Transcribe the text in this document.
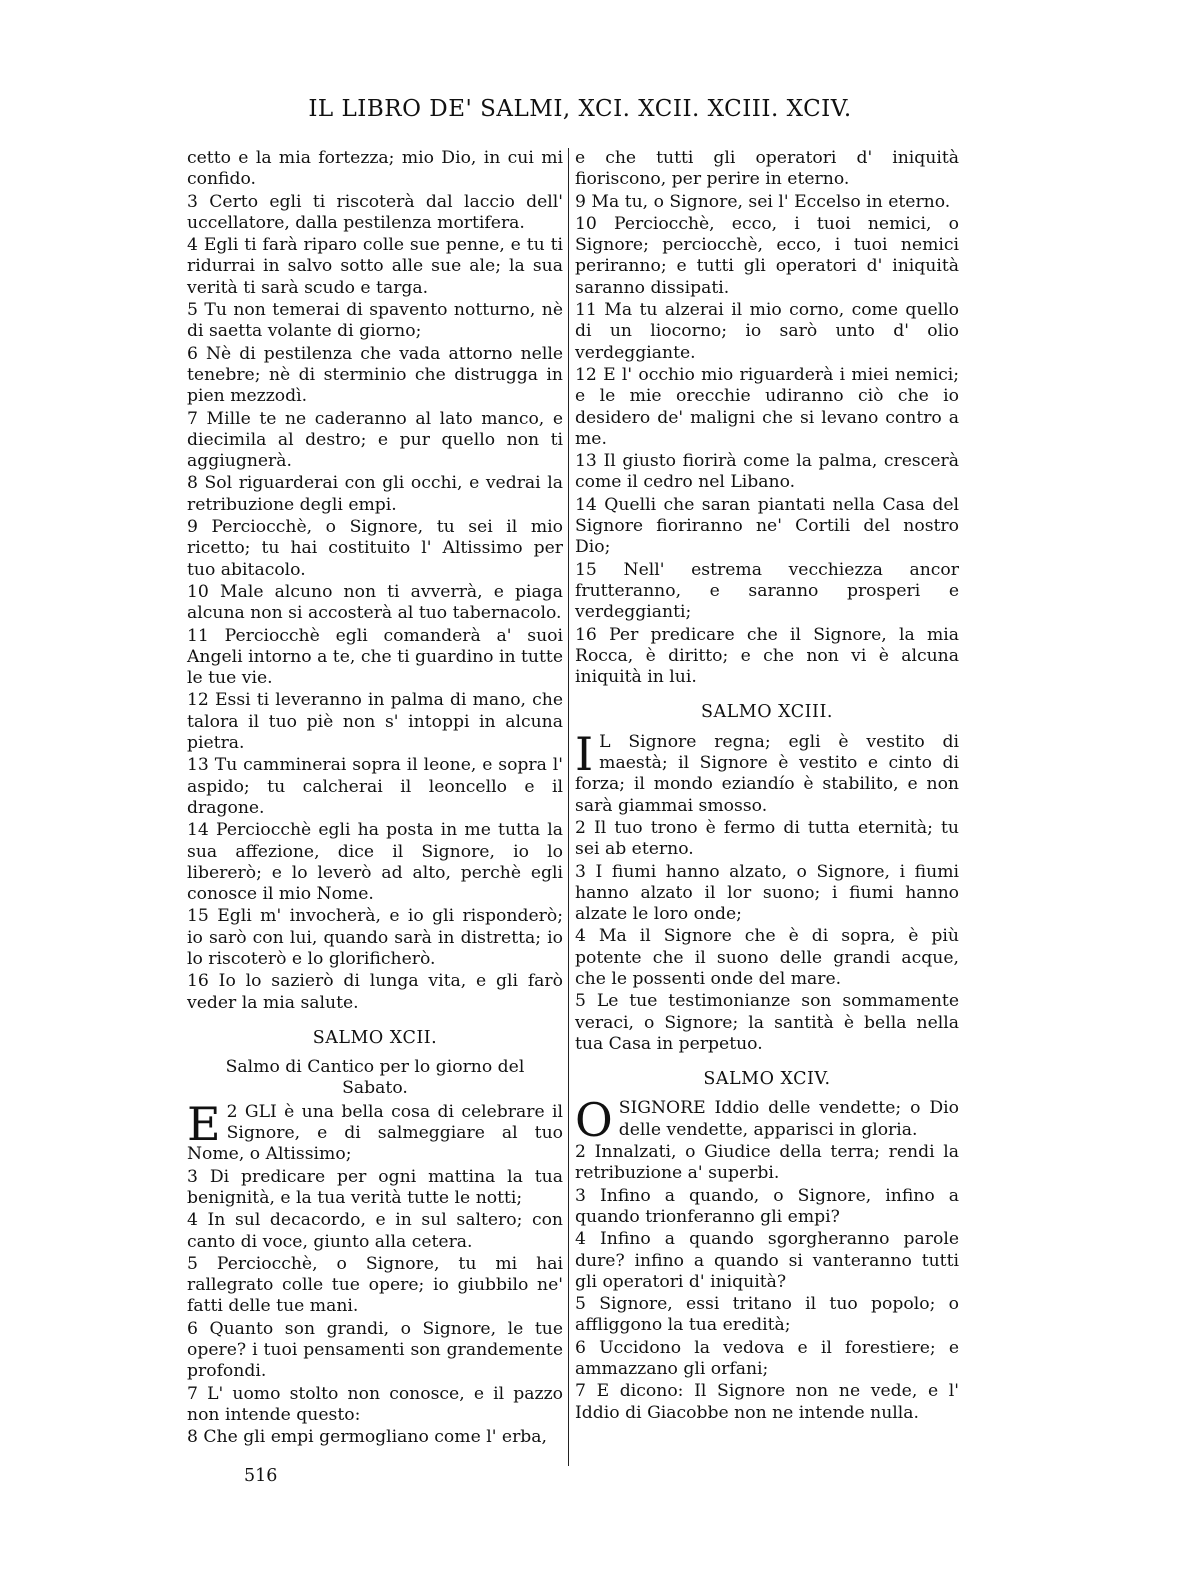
IL LIBRO DE' SALMI, XCI. XCII. XCIII. XCIV.

cetto e la mia fortezza; mio Dio, in cui mi confido.

3 Certo egli ti riscoterà dal laccio dell' uccellatore, dalla pestilenza mortifera.

4 Egli ti farà riparo colle sue penne, e tu ti ridurrai in salvo sotto alle sue ale; la sua verità ti sarà scudo e targa.

5 Tu non temerai di spavento notturno, nè di saetta volante di giorno;

6 Nè di pestilenza che vada attorno nelle tenebre; nè di sterminio che distrugga in pien mezzodì.

7 Mille te ne caderanno al lato manco, e diecimila al destro; e pur quello non ti aggiugnerà.

8 Sol riguarderai con gli occhi, e vedrai la retribuzione degli empi.

9 Perciocchè, o Signore, tu sei il mio ricetto; tu hai costituito l' Altissimo per tuo abitacolo.

10 Male alcuno non ti avverrà, e piaga alcuna non si accosterà al tuo tabernacolo.

11 Perciocchè egli comanderà a' suoi Angeli intorno a te, che ti guardino in tutte le tue vie.

12 Essi ti leveranno in palma di mano, che talora il tuo piè non s' intoppi in alcuna pietra.

13 Tu camminerai sopra il leone, e sopra l' aspido; tu calcherai il leoncello e il dragone.

14 Perciocchè egli ha posta in me tutta la sua affezione, dice il Signore, io lo libererò; e lo leverò ad alto, perchè egli conosce il mio Nome.

15 Egli m' invocherà, e io gli risponderò; io sarò con lui, quando sarà in distretta; io lo riscoterò e lo glorificherò.

16 Io lo sazierò di lunga vita, e gli farò veder la mia salute.

SALMO XCII.
Salmo di Cantico per lo giorno del Sabato.

2
E GLI è una bella cosa di celebrare il Signore, e di salmeggiare al tuo Nome, o Altissimo;

3 Di predicare per ogni mattina la tua benignità, e la tua verità tutte le notti;

4 In sul decacordo, e in sul saltero; con canto di voce, giunto alla cetera.

5 Perciocchè, o Signore, tu mi hai rallegrato colle tue opere; io giubbilo ne' fatti delle tue mani.

6 Quanto son grandi, o Signore, le tue opere? i tuoi pensamenti son grandemente profondi.

7 L' uomo stolto non conosce, e il pazzo non intende questo:

8 Che gli empi germogliano come l' erba,

e che tutti gli operatori d' iniquità fioriscono, per perire in eterno.

9 Ma tu, o Signore, sei l' Eccelso in eterno.

10 Perciocchè, ecco, i tuoi nemici, o Signore; perciocchè, ecco, i tuoi nemici periranno; e tutti gli operatori d' iniquità saranno dissipati.

11 Ma tu alzerai il mio corno, come quello di un liocorno; io sarò unto d' olio verdeggiante.

12 E l' occhio mio riguarderà i miei nemici; e le mie orecchie udiranno ciò che io desidero de' maligni che si levano contro a me.

13 Il giusto fiorirà come la palma, crescerà come il cedro nel Libano.

14 Quelli che saran piantati nella Casa del Signore fioriranno ne' Cortili del nostro Dio;

15 Nell' estrema vecchiezza ancor frutteranno, e saranno prosperi e verdeggianti;

16 Per predicare che il Signore, la mia Rocca, è diritto; e che non vi è alcuna iniquità in lui.

SALMO XCIII.

I L Signore regna; egli è vestito di maestà; il Signore è vestito e cinto di forza; il mondo eziandío è stabilito, e non sarà giammai smosso.

2 Il tuo trono è fermo di tutta eternità; tu sei ab eterno.

3 I fiumi hanno alzato, o Signore, i fiumi hanno alzato il lor suono; i fiumi hanno alzate le loro onde;

4 Ma il Signore che è di sopra, è più potente che il suono delle grandi acque, che le possenti onde del mare.

5 Le tue testimonianze son sommamente veraci, o Signore; la santità è bella nella tua Casa in perpetuo.

SALMO XCIV.

O SIGNORE Iddio delle vendette; o Dio delle vendette, apparisci in gloria.

2 Innalzati, o Giudice della terra; rendi la retribuzione a' superbi.

3 Infino a quando, o Signore, infino a quando trionferanno gli empi?

4 Infino a quando sgorgheranno parole dure? infino a quando si vanteranno tutti gli operatori d' iniquità?

5 Signore, essi tritano il tuo popolo; o affliggono la tua eredità;

6 Uccidono la vedova e il forestiere; e ammazzano gli orfani;

7 E dicono: Il Signore non ne vede, e l' Iddio di Giacobbe non ne intende nulla.

516
